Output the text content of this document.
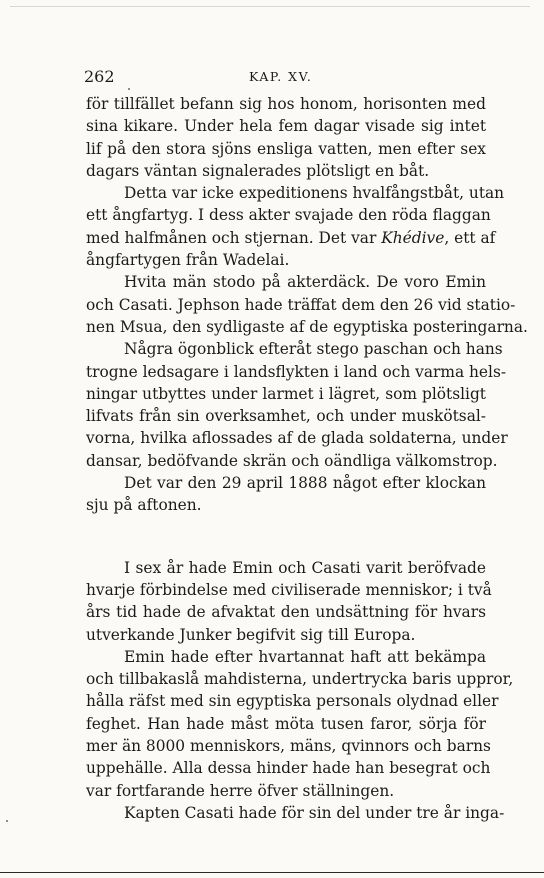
262	KAP. XV.
för tillfället befann sig hos honom, horisonten med
sina kikare. Under hela fem dagar visade sig intet
lif på den stora sjöns ensliga vatten, men efter sex
dagars väntan signalerades plötsligt en båt.
Detta var icke expeditionens hvalfångstbåt, utan
ett ångfartyg. I dess akter svajade den röda flaggan
med halfmånen och stjernan. Det var Khédive, ett af
ångfartygen från Wadelai.
Hvita män stodo på akterdäck. De voro Emin
och Casati. Jephson hade träffat dem den 26 vid statio-
nen Msua, den sydligaste af de egyptiska posteringarna.
Några ögonblick efteråt stego paschan och hans
trogne ledsagare i landsflykten i land och varma hels-
ningar utbyttes under larmet i lägret, som plötsligt
lifvats från sin overksamhet, och under muskötsal-
vorna, hvilka aflossades af de glada soldaterna, under
dansar, bedöfvande skrän och oändliga välkomstrop.
Det var den 29 april 1888 något efter klockan
sju på aftonen.
I sex år hade Emin och Casati varit beröfvade
hvarje förbindelse med civiliserade menniskor; i två
års tid hade de afvaktat den undsättning för hvars
utverkande Junker begifvit sig till Europa.
Emin hade efter hvartannat haft att bekämpa
och tillbakaslå mahdisterna, undertrycka baris uppror,
hålla räfst med sin egyptiska personals olydnad eller
feghet. Han hade måst möta tusen faror, sörja för
mer än 8000 menniskors, mäns, qvinnors och barns
uppehälle. Alla dessa hinder hade han besegrat och
var fortfarande herre öfver ställningen.
Kapten Casati hade för sin del under tre år inga-
